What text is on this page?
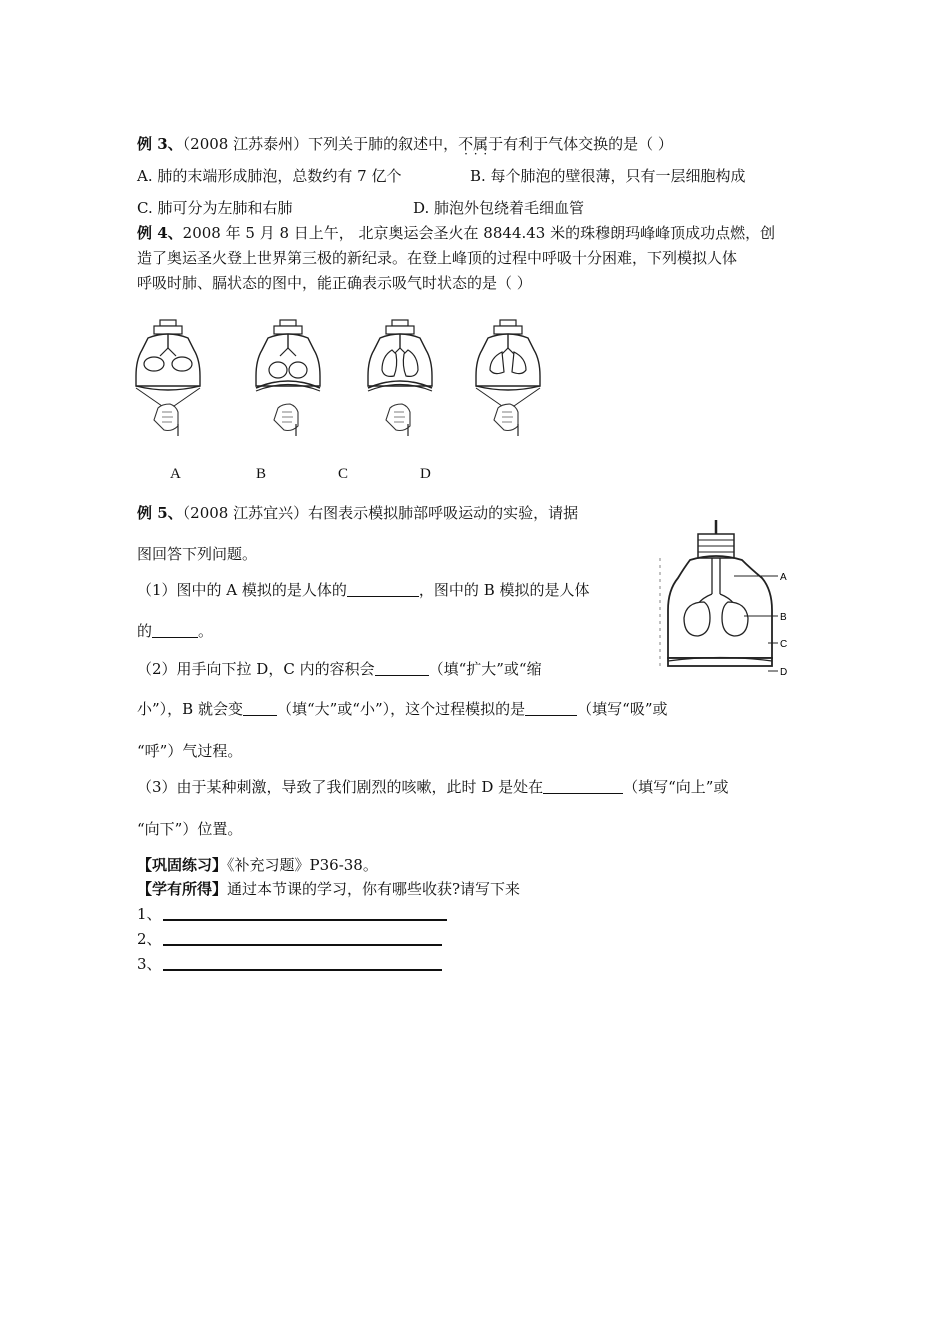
例 3、（2008 江苏泰州）下列关于肺的叙述中，不属于 · · ·有利于气体交换的是（ ）
A. 肺的末端形成肺泡，总数约有 7 亿个	B. 每个肺泡的壁很薄，只有一层细胞构成
C. 肺可分为左肺和右肺	D. 肺泡外包绕着毛细血管
例 4、2008 年 5 月 8 日上午， 北京奥运会圣火在 8844.43 米的珠穆朗玛峰峰顶成功点燃，创
造了奥运圣火登上世界第三极的新纪录。在登上峰顶的过程中呼吸十分困难，下列模拟人体
呼吸时肺、膈状态的图中，能正确表示吸气时状态的是（ ）
A	B	C	D
例 5、（2008 江苏宜兴）右图表示模拟肺部呼吸运动的实验，请据
图回答下列问题。
（1）图中的 A 模拟的是人体的	，图中的 B 模拟的是人体
的	。
（2）用手向下拉 D，C 内的容积会	（填“扩大”或“缩
小”），B 就会变 （填“大”或“小”），这个过程模拟的是	（填写“吸”或
“呼”）气过程。
（3）由于某种刺激，导致了我们剧烈的咳嗽，此时 D 是处在	（填写“向上”或
“向下”）位置。
A
B
C
D
【巩固练习】《补充习题》P36-38。
【学有所得】通过本节课的学习，你有哪些收获?请写下来
1、
2、
3、
